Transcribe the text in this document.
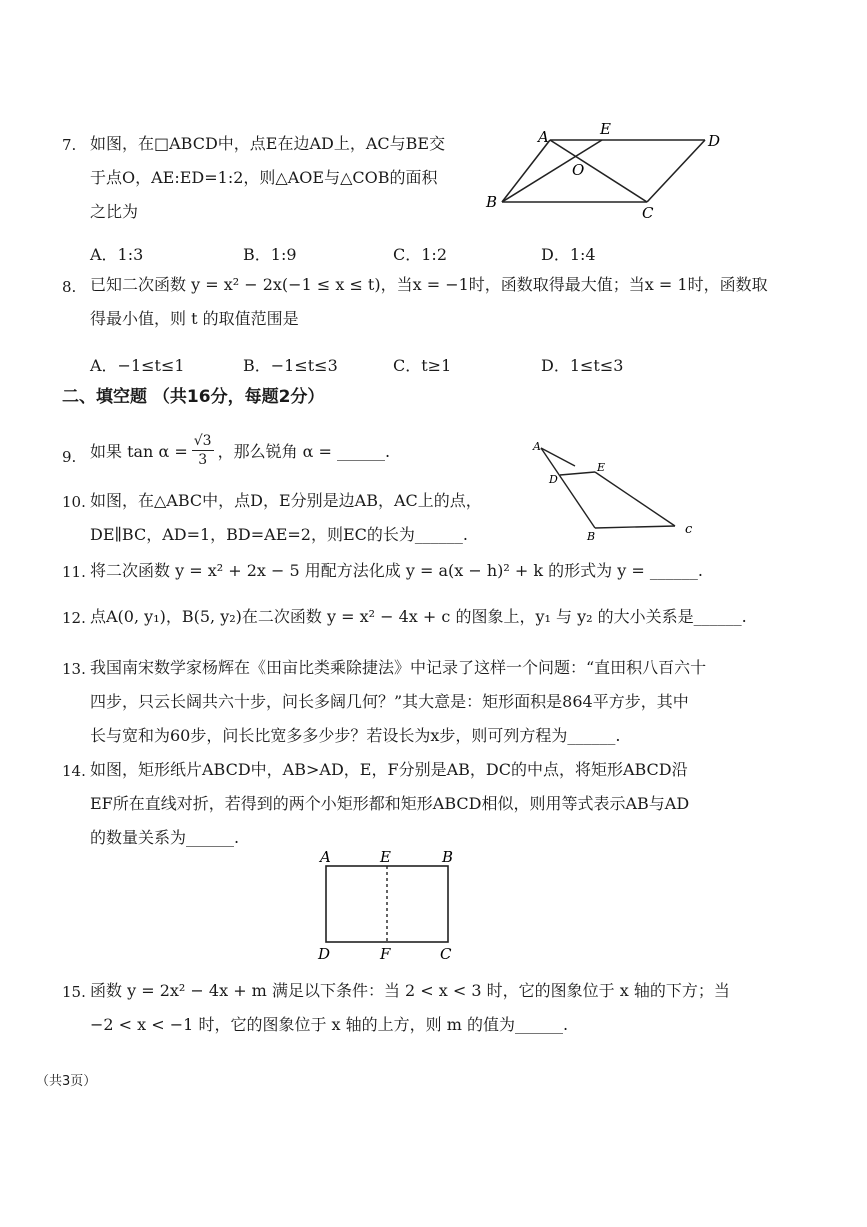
7. 如图，在□ABCD中，点E在边AD上，AC与BE交
于点O，AE:ED=1:2，则△AOE与△COB的面积
之比为
A	E
D
O
B
C
A．1:3	B．1:9	C．1:2	D．1:4
8. 已知二次函数 y = x² − 2x(−1 ≤ x ≤ t)，当x = −1时，函数取得最大值；当x = 1时，函数取
得最小值，则 t 的取值范围是
A．−1≤t≤1	B．−1≤t≤3	C．t≥1	D．1≤t≤3
二、填空题 （共16分，每题2分）
9. 如果 $\tan \alpha = \frac{√3}{3}$ ，那么锐角 α = ______.
10. 如图，在△ABC中，点D，E分别是边AB，AC上的点，
DE∥BC，AD=1，BD=AE=2，则EC的长为______.
A
D
E
B	c
11. 将二次函数 y = x² + 2x − 5 用配方法化成 y = a(x − h)² + k 的形式为 y = ______.
12. 点A(0, y₁)，B(5, y₂)在二次函数 y = x² − 4x + c 的图象上，y₁ 与 y₂ 的大小关系是______.
13. 我国南宋数学家杨辉在《田亩比类乘除捷法》中记录了这样一个问题：“直田积八百六十
四步，只云长阔共六十步，问长多阔几何？”其大意是：矩形面积是864平方步，其中
长与宽和为60步，问长比宽多多少步？若设长为x步，则可列方程为______.
14. 如图，矩形纸片ABCD中，AB>AD，E，F分别是AB，DC的中点，将矩形ABCD沿
EF所在直线对折，若得到的两个小矩形都和矩形ABCD相似，则用等式表示AB与AD
的数量关系为______.
A	E	B
D	F	C
15. 函数 y = 2x² − 4x + m 满足以下条件：当 2 < x < 3 时，它的图象位于 x 轴的下方；当
−2 < x < −1 时，它的图象位于 x 轴的上方，则 m 的值为______.
（共3页）
